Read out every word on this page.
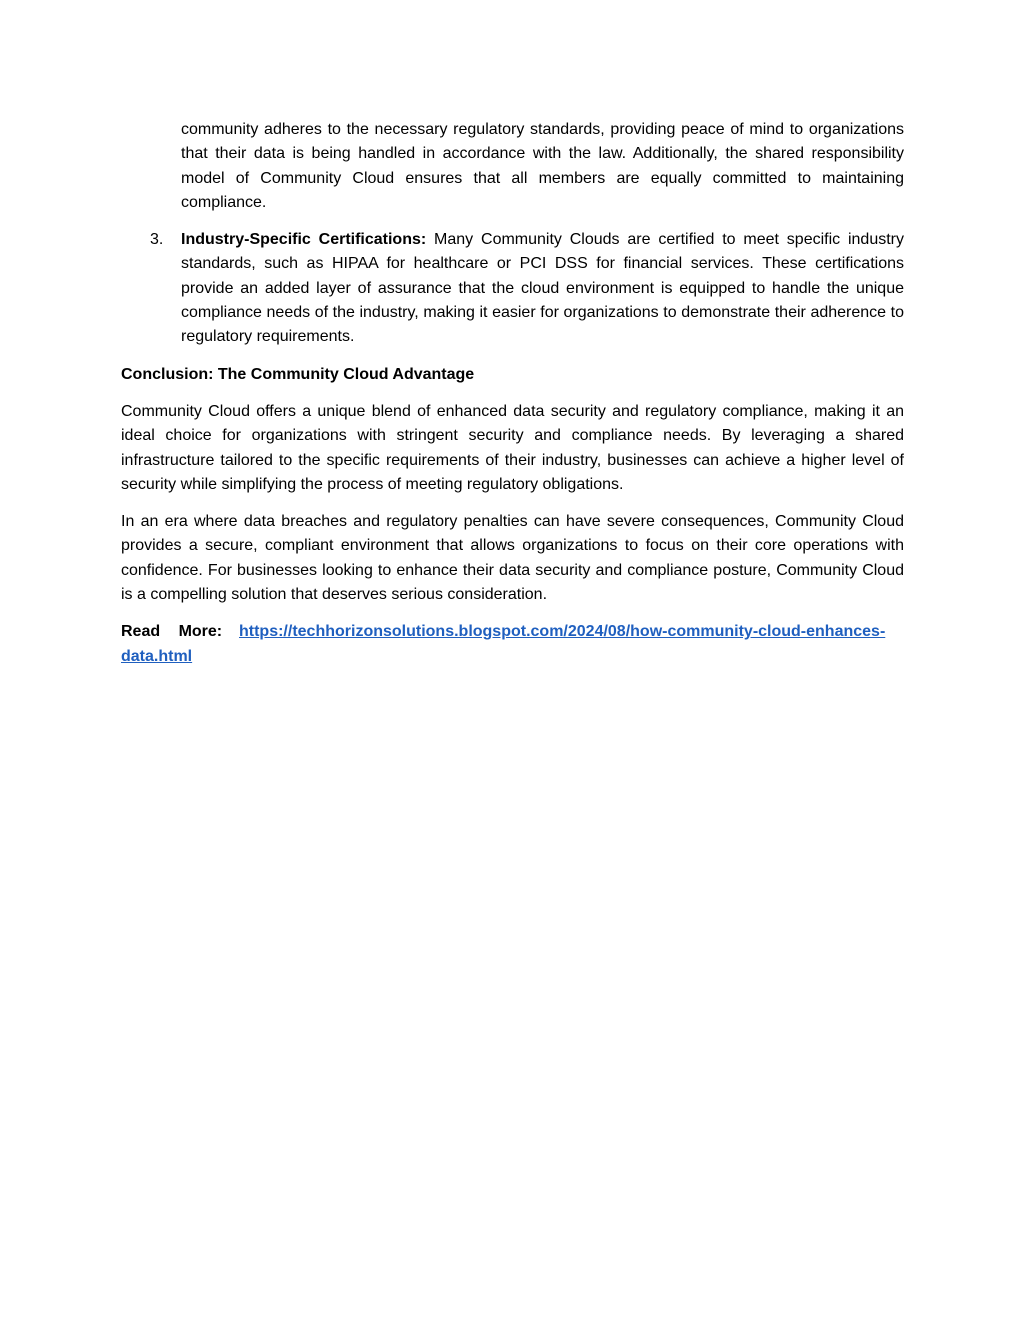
community adheres to the necessary regulatory standards, providing peace of mind to organizations that their data is being handled in accordance with the law. Additionally, the shared responsibility model of Community Cloud ensures that all members are equally committed to maintaining compliance.

3. Industry-Specific Certifications: Many Community Clouds are certified to meet specific industry standards, such as HIPAA for healthcare or PCI DSS for financial services. These certifications provide an added layer of assurance that the cloud environment is equipped to handle the unique compliance needs of the industry, making it easier for organizations to demonstrate their adherence to regulatory requirements.

Conclusion: The Community Cloud Advantage

Community Cloud offers a unique blend of enhanced data security and regulatory compliance, making it an ideal choice for organizations with stringent security and compliance needs. By leveraging a shared infrastructure tailored to the specific requirements of their industry, businesses can achieve a higher level of security while simplifying the process of meeting regulatory obligations.

In an era where data breaches and regulatory penalties can have severe consequences, Community Cloud provides a secure, compliant environment that allows organizations to focus on their core operations with confidence. For businesses looking to enhance their data security and compliance posture, Community Cloud is a compelling solution that deserves serious consideration.

Read More: https://techhorizonsolutions.blogspot.com/2024/08/how-community-cloud-enhances-data.html
